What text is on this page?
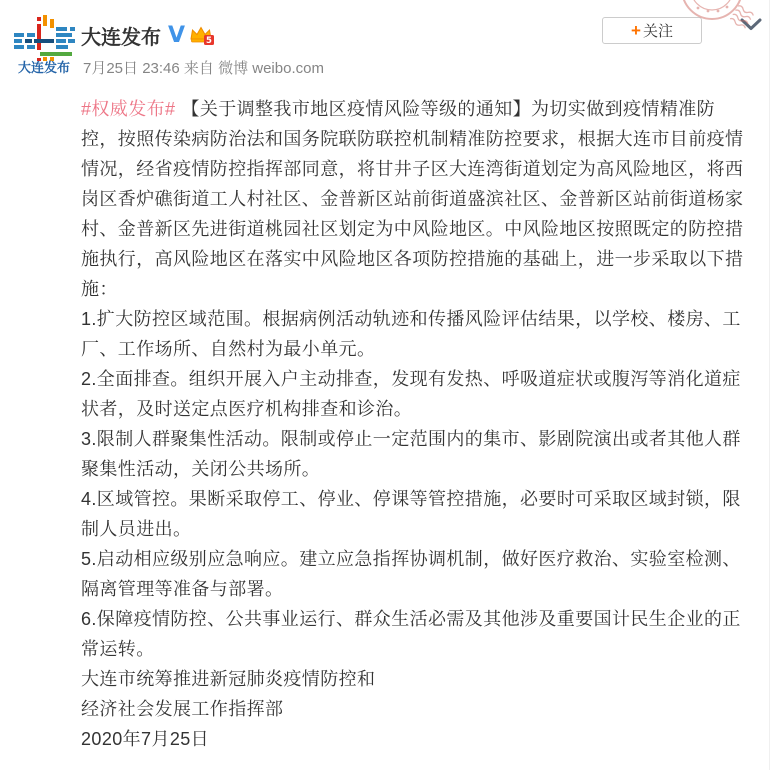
大连发布
大连发布 V 5
7月25日 23:46 来自 微博 weibo.com
+ 关注

#权威发布# 【关于调整我市地区疫情风险等级的通知】为切实做到疫情精准防控，按照传染病防治法和国务院联防联控机制精准防控要求，根据大连市目前疫情情况，经省疫情防控指挥部同意，将甘井子区大连湾街道划定为高风险地区，将西岗区香炉礁街道工人村社区、金普新区站前街道盛滨社区、金普新区站前街道杨家村、金普新区先进街道桃园社区划定为中风险地区。中风险地区按照既定的防控措施执行，高风险地区在落实中风险地区各项防控措施的基础上，进一步采取以下措施：

1.扩大防控区域范围。根据病例活动轨迹和传播风险评估结果，以学校、楼房、工厂、工作场所、自然村为最小单元。

2.全面排查。组织开展入户主动排查，发现有发热、呼吸道症状或腹泻等消化道症状者，及时送定点医疗机构排查和诊治。

3.限制人群聚集性活动。限制或停止一定范围内的集市、影剧院演出或者其他人群聚集性活动，关闭公共场所。

4.区域管控。果断采取停工、停业、停课等管控措施，必要时可采取区域封锁，限制人员进出。

5.启动相应级别应急响应。建立应急指挥协调机制，做好医疗救治、实验室检测、隔离管理等准备与部署。

6.保障疫情防控、公共事业运行、群众生活必需及其他涉及重要国计民生企业的正常运转。

大连市统筹推进新冠肺炎疫情防控和

经济社会发展工作指挥部

2020年7月25日
